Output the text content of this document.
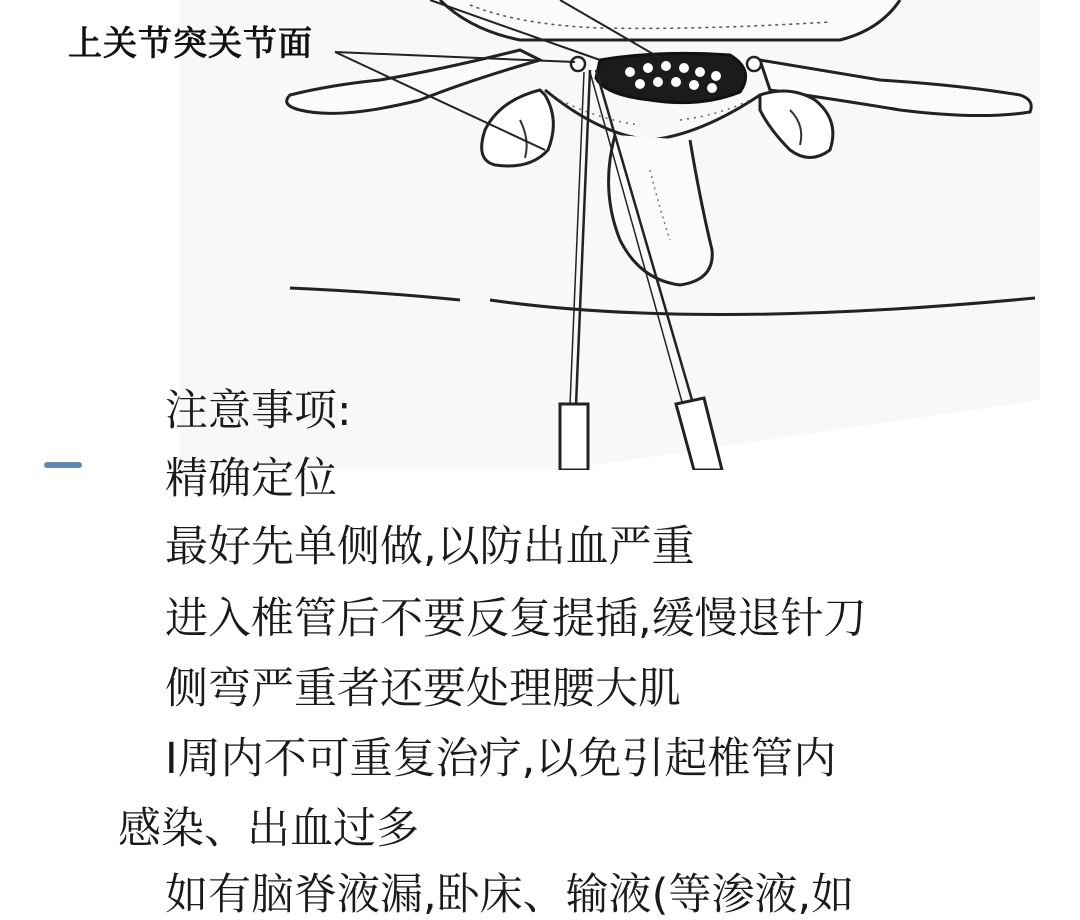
上关节突关节面
注意事项:
精确定位
最好先单侧做,以防出血严重
进入椎管后不要反复提插,缓慢退针刀
侧弯严重者还要处理腰大肌
I周内不可重复治疗,以免引起椎管内
感染、出血过多
如有脑脊液漏,卧床、输液(等渗液,如
